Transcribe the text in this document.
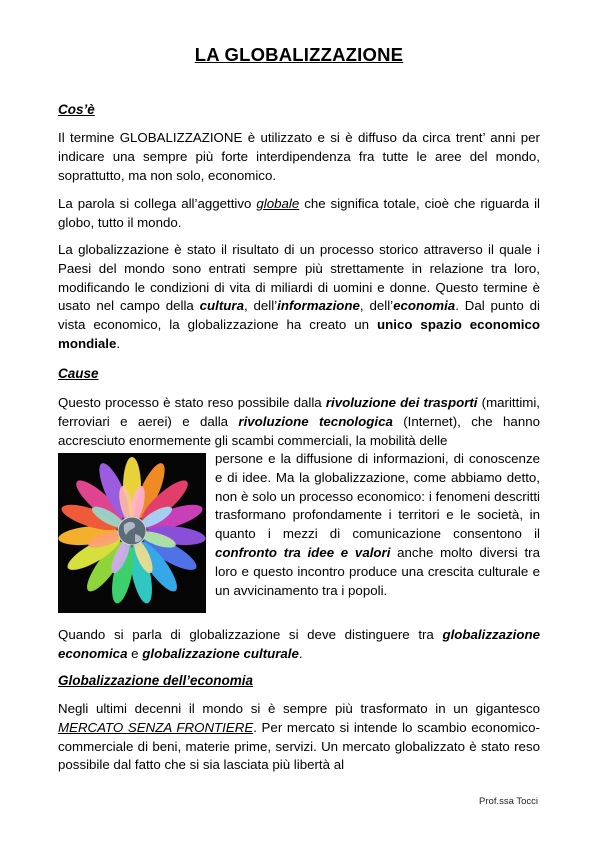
LA GLOBALIZZAZIONE
Cos’è

Il termine GLOBALIZZAZIONE è utilizzato e si è diffuso da circa trent’ anni per indicare una sempre più forte interdipendenza fra tutte le aree del mondo, soprattutto, ma non solo, economico.

La parola si collega all’aggettivo globale che significa totale, cioè che riguarda il globo, tutto il mondo.

La globalizzazione è stato il risultato di un processo storico attraverso il quale i Paesi del mondo sono entrati sempre più strettamente in relazione tra loro, modificando le condizioni di vita di miliardi di uomini e donne. Questo termine è usato nel campo della cultura, dell’informazione, dell’economia. Dal punto di vista economico, la globalizzazione ha creato un unico spazio economico mondiale.

Cause

Questo processo è stato reso possibile dalla rivoluzione dei trasporti (marittimi, ferroviari e aerei) e dalla rivoluzione tecnologica (Internet), che hanno accresciuto enormemente gli scambi commerciali, la mobilità delle

persone e la diffusione di informazioni, di conoscenze e di idee. Ma la globalizzazione, come abbiamo detto, non è solo un processo economico: i fenomeni descritti trasformano profondamente i territori e le società, in quanto i mezzi di comunicazione consentono il confronto tra idee e valori anche molto diversi tra loro e questo incontro produce una crescita culturale e un avvicinamento tra i popoli.

Quando si parla di globalizzazione si deve distinguere tra globalizzazione economica e globalizzazione culturale.

Globalizzazione dell’economia

Negli ultimi decenni il mondo si è sempre più trasformato in un gigantesco MERCATO SENZA FRONTIERE. Per mercato si intende lo scambio economico-commerciale di beni, materie prime, servizi. Un mercato globalizzato è stato reso possibile dal fatto che si sia lasciata più libertà al

Prof.ssa Tocci
